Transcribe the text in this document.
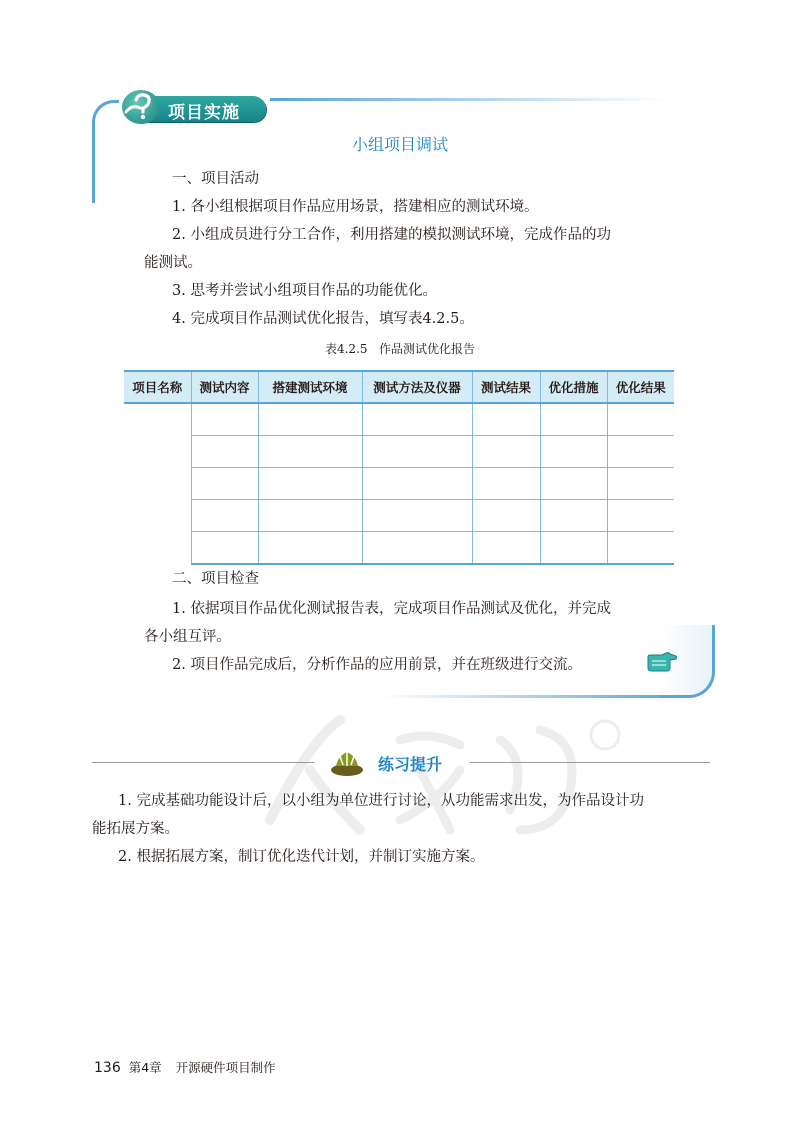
项目实施
小组项目调试
一、项目活动
1. 各小组根据项目作品应用场景，搭建相应的测试环境。
2. 小组成员进行分工合作，利用搭建的模拟测试环境，完成作品的功
能测试。
3. 思考并尝试小组项目作品的功能优化。
4. 完成项目作品测试优化报告，填写表4.2.5。
表4.2.5 作品测试优化报告
项目名称	测试内容	搭建测试环境	测试方法及仪器	测试结果	优化措施	优化结果

二、项目检查
1. 依据项目作品优化测试报告表，完成项目作品测试及优化，并完成
各小组互评。
2. 项目作品完成后，分析作品的应用前景，并在班级进行交流。
练习提升
1. 完成基础功能设计后，以小组为单位进行讨论，从功能需求出发，为作品设计功
能拓展方案。
2. 根据拓展方案，制订优化迭代计划，并制订实施方案。
136 第4章 开源硬件项目制作
